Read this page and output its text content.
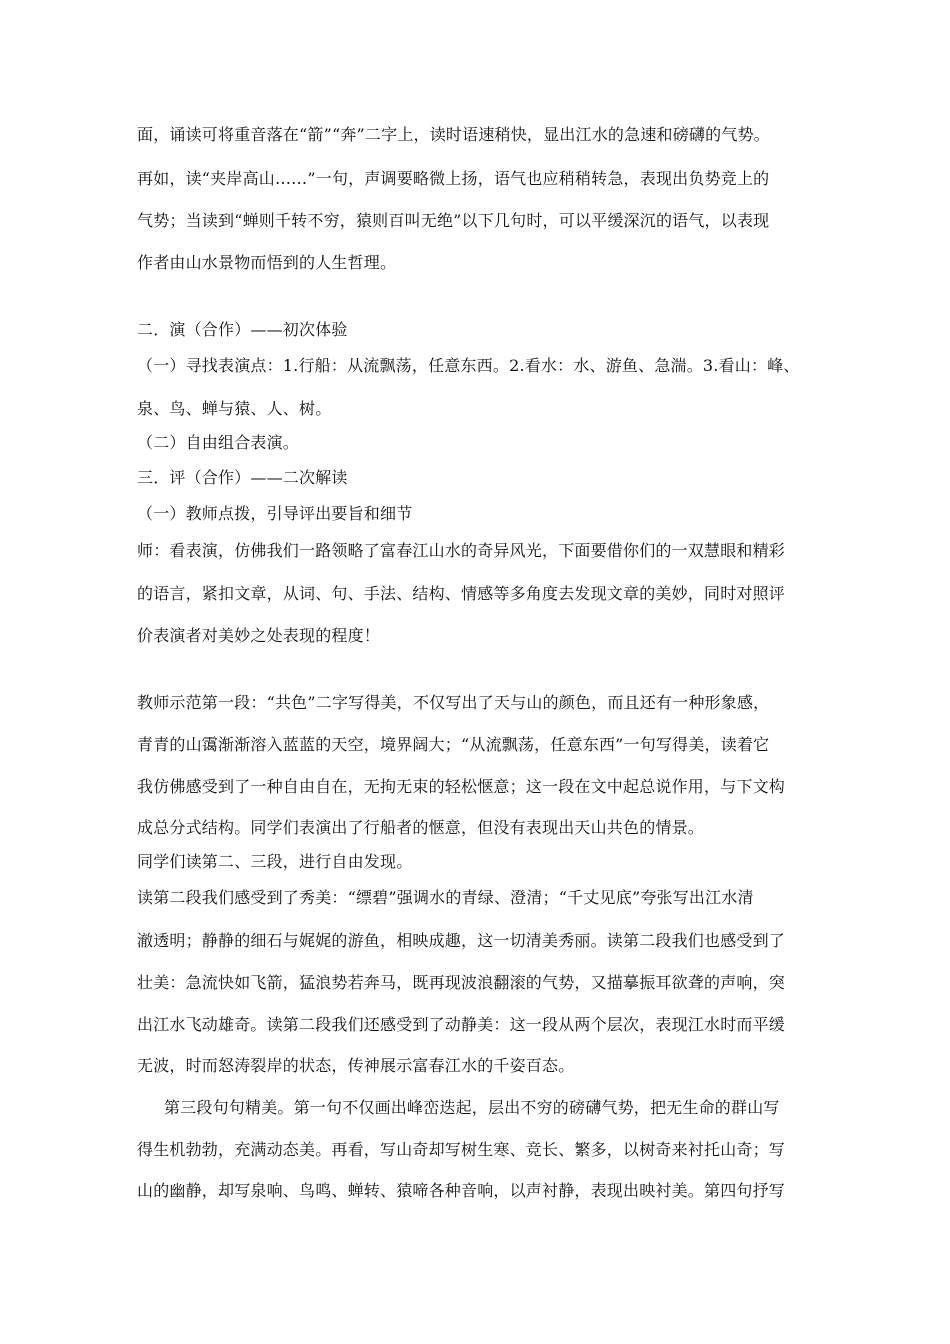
面，诵读可将重音落在“箭”“奔”二字上，读时语速稍快，显出江水的急速和磅礴的气势。
再如，读“夹岸高山……”一句，声调要略微上扬，语气也应稍稍转急，表现出负势竞上的
气势；当读到“蝉则千转不穷，猿则百叫无绝”以下几句时，可以平缓深沉的语气，以表现
作者由山水景物而悟到的人生哲理。
二．演（合作）——初次体验
（一）寻找表演点：1.行船：从流飘荡，任意东西。2.看水：水、游鱼、急湍。3.看山：峰、
泉、鸟、蝉与猿、人、树。
（二）自由组合表演。
三．评（合作）——二次解读
（一）教师点拨，引导评出要旨和细节
师：看表演，仿佛我们一路领略了富春江山水的奇异风光，下面要借你们的一双慧眼和精彩
的语言，紧扣文章，从词、句、手法、结构、情感等多角度去发现文章的美妙，同时对照评
价表演者对美妙之处表现的程度！
教师示范第一段：“共色”二字写得美，不仅写出了天与山的颜色，而且还有一种形象感，
青青的山霭渐渐溶入蓝蓝的天空，境界阔大；“从流飘荡，任意东西”一句写得美，读着它
我仿佛感受到了一种自由自在，无拘无束的轻松惬意；这一段在文中起总说作用，与下文构
成总分式结构。同学们表演出了行船者的惬意，但没有表现出天山共色的情景。
同学们读第二、三段，进行自由发现。
读第二段我们感受到了秀美：“缥碧”强调水的青绿、澄清；“千丈见底”夸张写出江水清
澈透明；静静的细石与娓娓的游鱼，相映成趣，这一切清美秀丽。读第二段我们也感受到了
壮美：急流快如飞箭，猛浪势若奔马，既再现波浪翻滚的气势，又描摹振耳欲聋的声响，突
出江水飞动雄奇。读第二段我们还感受到了动静美：这一段从两个层次，表现江水时而平缓
无波，时而怒涛裂岸的状态，传神展示富春江水的千姿百态。
第三段句句精美。第一句不仅画出峰峦迭起，层出不穷的磅礴气势，把无生命的群山写
得生机勃勃，充满动态美。再看，写山奇却写树生寒、竞长、繁多，以树奇来衬托山奇；写
山的幽静，却写泉响、鸟鸣、蝉转、猿啼各种音响，以声衬静，表现出映衬美。第四句抒写
